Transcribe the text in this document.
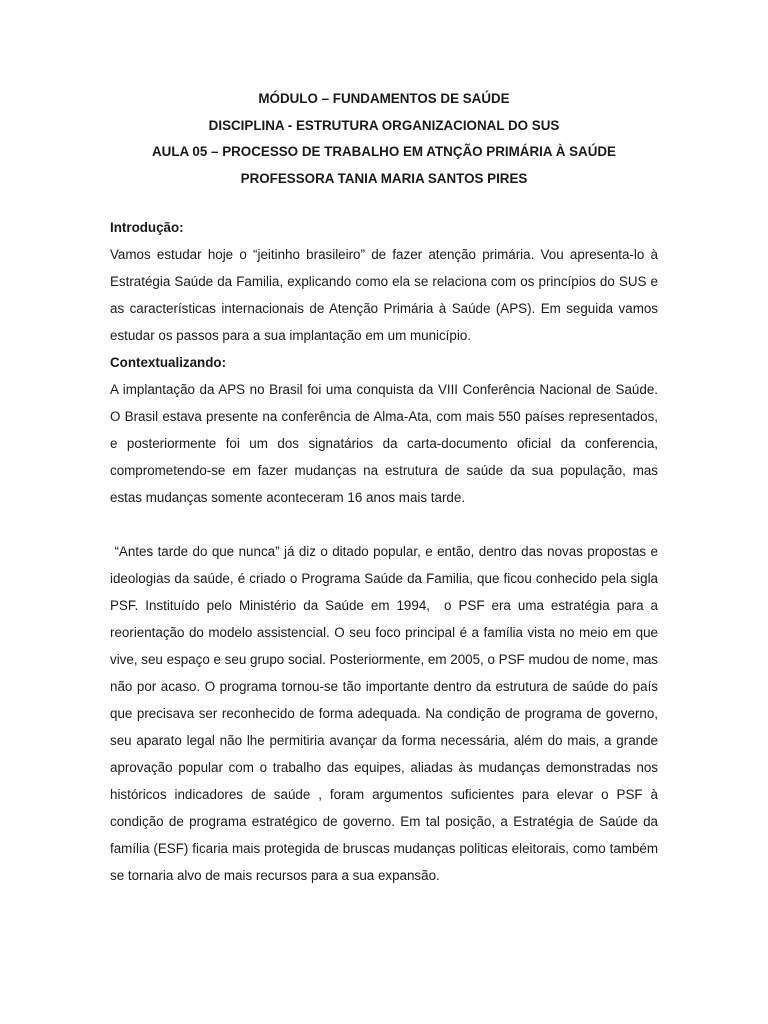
MÓDULO – FUNDAMENTOS DE SAÚDE
DISCIPLINA - ESTRUTURA ORGANIZACIONAL DO SUS
AULA 05 – PROCESSO DE TRABALHO EM ATNÇÃO PRIMÁRIA À SAÚDE
PROFESSORA TANIA MARIA SANTOS PIRES
Introdução:

Vamos estudar hoje o “jeitinho brasileiro” de fazer atenção primária. Vou apresenta-lo à Estratégia Saúde da Familia, explicando como ela se relaciona com os princípios do SUS e as características internacionais de Atenção Primária à Saúde (APS). Em seguida vamos estudar os passos para a sua implantação em um município.

Contextualizando:

A implantação da APS no Brasil foi uma conquista da VIII Conferência Nacional de Saúde. O Brasil estava presente na conferência de Alma-Ata, com mais 550 países representados, e posteriormente foi um dos signatários da carta-documento oficial da conferencia, comprometendo-se em fazer mudanças na estrutura de saúde da sua população, mas estas mudanças somente aconteceram 16 anos mais tarde.

“Antes tarde do que nunca” já diz o ditado popular, e então, dentro das novas propostas e ideologias da saúde, é criado o Programa Saúde da Familia, que ficou conhecido pela sigla PSF. Instituído pelo Ministério da Saúde em 1994,  o PSF era uma estratégia para a reorientação do modelo assistencial. O seu foco principal é a família vista no meio em que vive, seu espaço e seu grupo social. Posteriormente, em 2005, o PSF mudou de nome, mas não por acaso. O programa tornou-se tão importante dentro da estrutura de saúde do país que precisava ser reconhecido de forma adequada. Na condição de programa de governo, seu aparato legal não lhe permitiria avançar da forma necessária, além do mais, a grande aprovação popular com o trabalho das equipes, aliadas às mudanças demonstradas nos históricos indicadores de saúde , foram argumentos suficientes para elevar o PSF à condição de programa estratégico de governo. Em tal posição, a Estratégia de Saúde da família (ESF) ficaria mais protegida de bruscas mudanças politicas eleitorais, como também se tornaria alvo de mais recursos para a sua expansão.
